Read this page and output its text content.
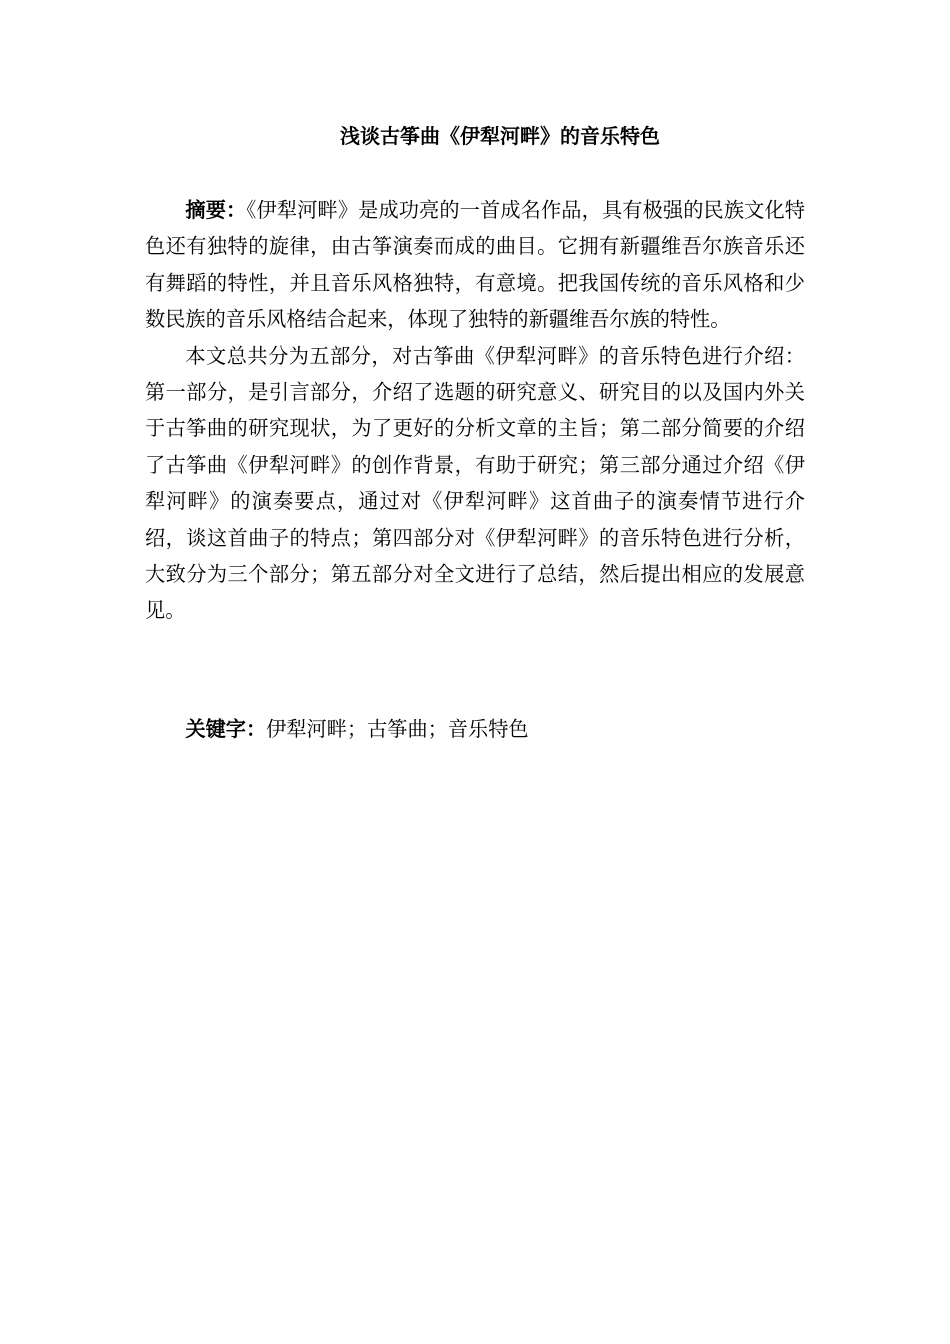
浅谈古筝曲《伊犁河畔》的音乐特色

摘要：《伊犁河畔》是成功亮的一首成名作品，具有极强的民族文化特色还有独特的旋律，由古筝演奏而成的曲目。它拥有新疆维吾尔族音乐还有舞蹈的特性，并且音乐风格独特，有意境。把我国传统的音乐风格和少数民族的音乐风格结合起来，体现了独特的新疆维吾尔族的特性。

本文总共分为五部分，对古筝曲《伊犁河畔》的音乐特色进行介绍：第一部分，是引言部分，介绍了选题的研究意义、研究目的以及国内外关于古筝曲的研究现状，为了更好的分析文章的主旨；第二部分简要的介绍了古筝曲《伊犁河畔》的创作背景，有助于研究；第三部分通过介绍《伊犁河畔》的演奏要点，通过对《伊犁河畔》这首曲子的演奏情节进行介绍，谈这首曲子的特点；第四部分对《伊犁河畔》的音乐特色进行分析，大致分为三个部分；第五部分对全文进行了总结，然后提出相应的发展意见。

关键字：伊犁河畔；古筝曲；音乐特色
